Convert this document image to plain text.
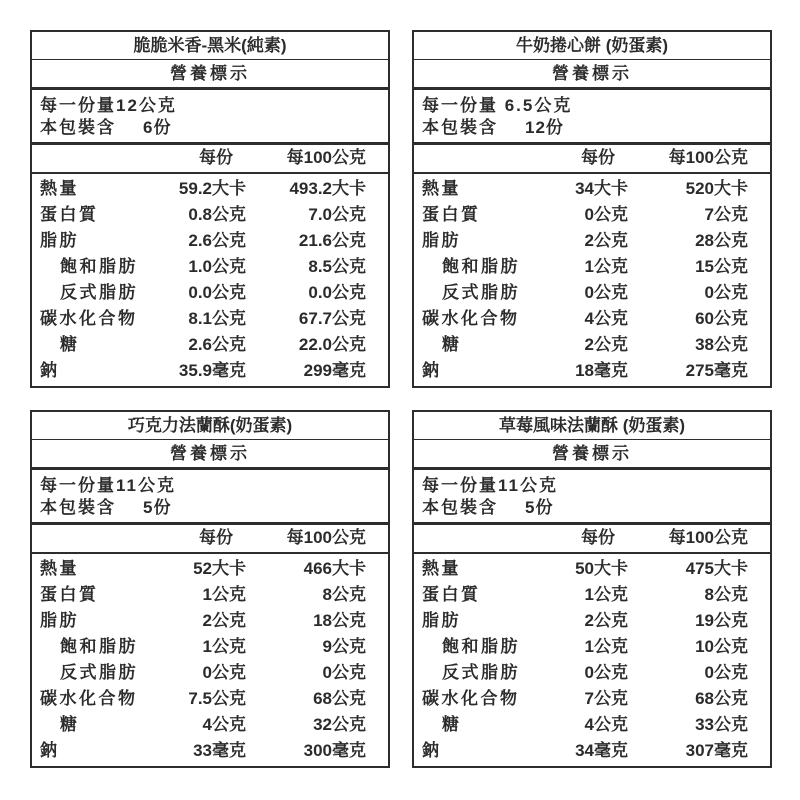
脆脆米香-黑米(純素)
營養標示
每一份量12公克
本包裝含 6份
每份	每100公克
熱量	59.2大卡	493.2大卡
蛋白質	0.8公克	7.0公克
脂肪	2.6公克	21.6公克
飽和脂肪	1.0公克	8.5公克
反式脂肪	0.0公克	0.0公克
碳水化合物	8.1公克	67.7公克
糖	2.6公克	22.0公克
鈉	35.9毫克	299毫克
牛奶捲心餅 (奶蛋素)
營養標示
每一份量 6.5公克
本包裝含 12份
每份	每100公克
熱量	34大卡	520大卡
蛋白質	0公克	7公克
脂肪	2公克	28公克
飽和脂肪	1公克	15公克
反式脂肪	0公克	0公克
碳水化合物	4公克	60公克
糖	2公克	38公克
鈉	18毫克	275毫克
巧克力法蘭酥(奶蛋素)
營養標示
每一份量11公克
本包裝含 5份
每份	每100公克
熱量	52大卡	466大卡
蛋白質	1公克	8公克
脂肪	2公克	18公克
飽和脂肪	1公克	9公克
反式脂肪	0公克	0公克
碳水化合物	7.5公克	68公克
糖	4公克	32公克
鈉	33毫克	300毫克
草莓風味法蘭酥 (奶蛋素)
營養標示
每一份量11公克
本包裝含 5份
每份	每100公克
熱量	50大卡	475大卡
蛋白質	1公克	8公克
脂肪	2公克	19公克
飽和脂肪	1公克	10公克
反式脂肪	0公克	0公克
碳水化合物	7公克	68公克
糖	4公克	33公克
鈉	34毫克	307毫克
